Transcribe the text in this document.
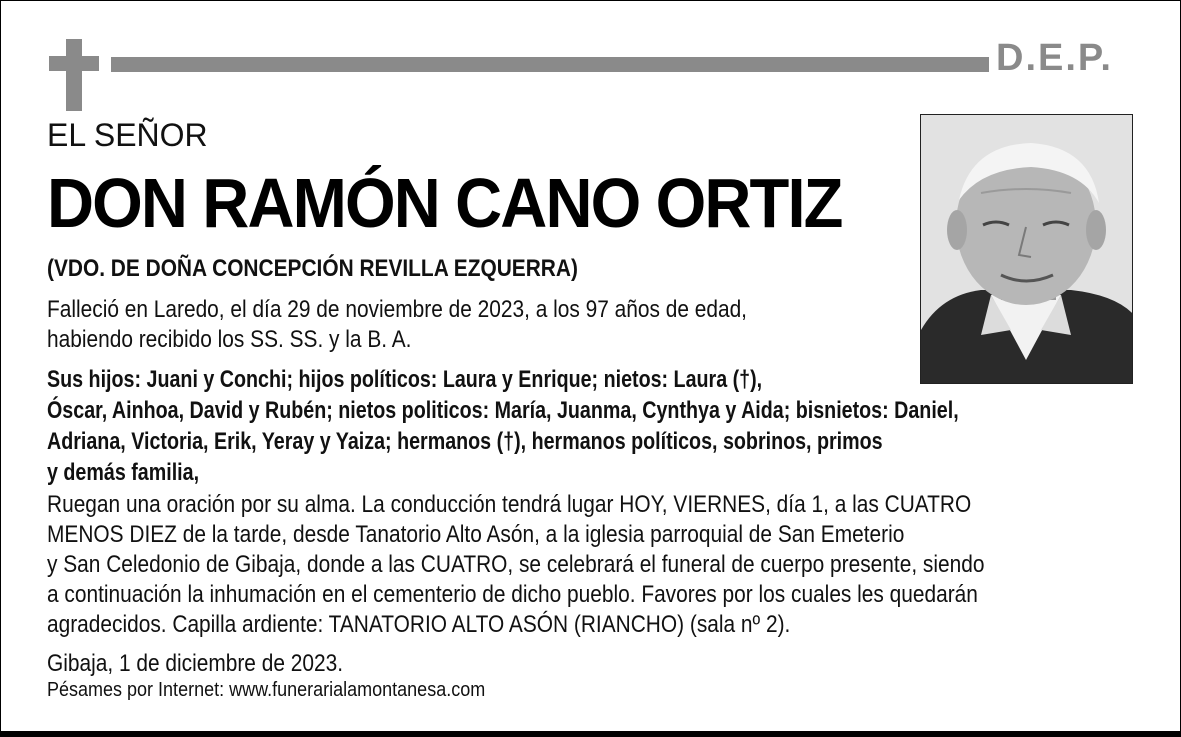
D.E.P.
EL SEÑOR
DON RAMÓN CANO ORTIZ
(VDO. DE DOÑA CONCEPCIÓN REVILLA EZQUERRA)
Falleció en Laredo, el día 29 de noviembre de 2023, a los 97 años de edad,
habiendo recibido los SS. SS. y la B. A.
Sus hijos: Juani y Conchi; hijos políticos: Laura y Enrique; nietos: Laura (†),
Óscar, Ainhoa, David y Rubén; nietos politicos: María, Juanma, Cynthya y Aida; bisnietos: Daniel,
Adriana, Victoria, Erik, Yeray y Yaiza; hermanos (†), hermanos políticos, sobrinos, primos
y demás familia,
Ruegan una oración por su alma. La conducción tendrá lugar HOY, VIERNES, día 1, a las CUATRO
MENOS DIEZ de la tarde, desde Tanatorio Alto Asón, a la iglesia parroquial de San Emeterio
y San Celedonio de Gibaja, donde a las CUATRO, se celebrará el funeral de cuerpo presente, siendo
a continuación la inhumación en el cementerio de dicho pueblo. Favores por los cuales les quedarán
agradecidos. Capilla ardiente: TANATORIO ALTO ASÓN (RIANCHO) (sala nº 2).
Gibaja, 1 de diciembre de 2023.
Pésames por Internet: www.funerarialamontanesa.com
